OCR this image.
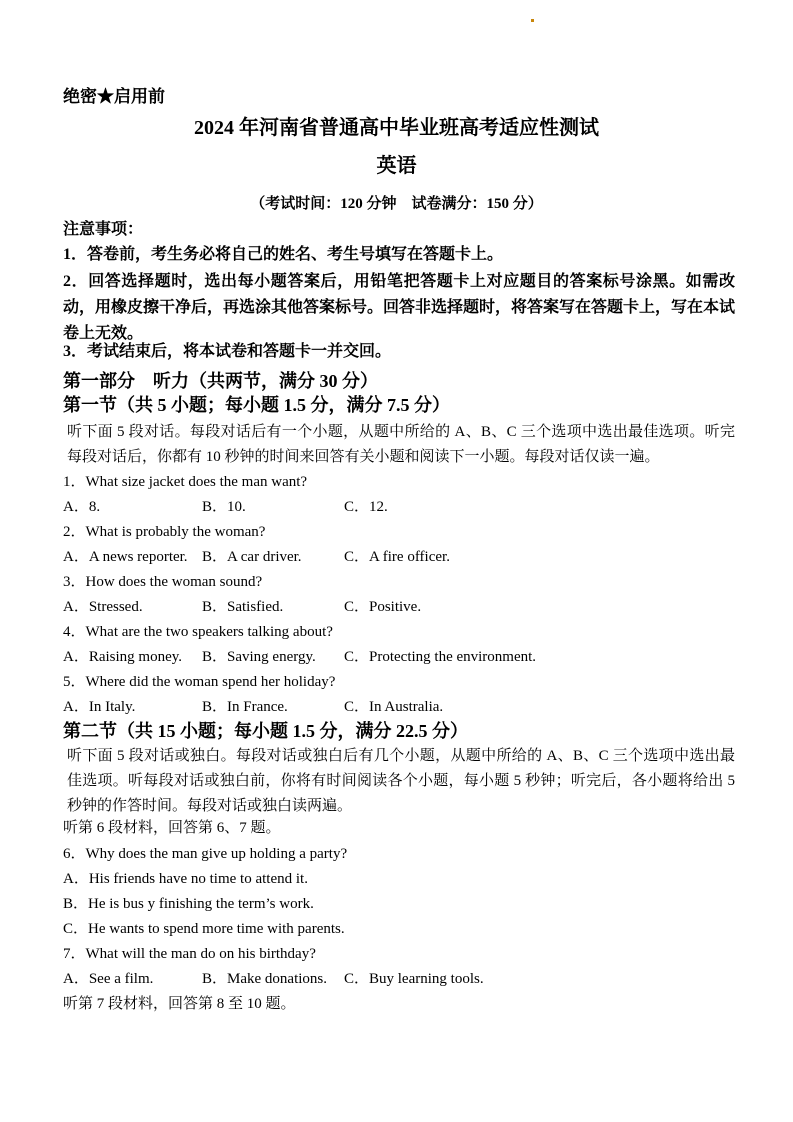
绝密★启用前
2024 年河南省普通高中毕业班高考适应性测试
英语
（考试时间：120 分钟　试卷满分：150 分）
注意事项：
1．答卷前，考生务必将自己的姓名、考生号填写在答题卡上。
2．回答选择题时，选出每小题答案后，用铅笔把答题卡上对应题目的答案标号涂黑。如需改动，用橡皮擦干净后，再选涂其他答案标号。回答非选择题时，将答案写在答题卡上，写在本试卷上无效。
3．考试结束后，将本试卷和答题卡一并交回。
第一部分　听力（共两节，满分 30 分）
第一节（共 5 小题；每小题 1.5 分，满分 7.5 分）
听下面 5 段对话。每段对话后有一个小题，从题中所给的 A、B、C 三个选项中选出最佳选项。听完每段对话后，你都有 10 秒钟的时间来回答有关小题和阅读下一小题。每段对话仅读一遍。
1．What size jacket does the man want?
A．8.	B．10.	C．12.
2．What is probably the woman?
A．A news reporter. B．A car driver.	C．A fire officer.
3．How does the woman sound?
A．Stressed.	B．Satisfied.	C．Positive.
4．What are the two speakers talking about?
A．Raising money.	B．Saving energy.	C．Protecting the environment.
5．Where did the woman spend her holiday?
A．In Italy.	B．In France.	C．In Australia.
第二节（共 15 小题；每小题 1.5 分，满分 22.5 分）
听下面 5 段对话或独白。每段对话或独白后有几个小题，从题中所给的 A、B、C 三个选项中选出最佳选项。听每段对话或独白前，你将有时间阅读各个小题，每小题 5 秒钟；听完后，各小题将给出 5 秒钟的作答时间。每段对话或独白读两遍。
听第 6 段材料，回答第 6、7 题。
6．Why does the man give up holding a party?
A．His friends have no time to attend it.
B．He is bus y finishing the term’s work.
C．He wants to spend more time with parents.
7．What will the man do on his birthday?
A．See a film.	B．Make donations.	C．Buy learning tools.
听第 7 段材料，回答第 8 至 10 题。
